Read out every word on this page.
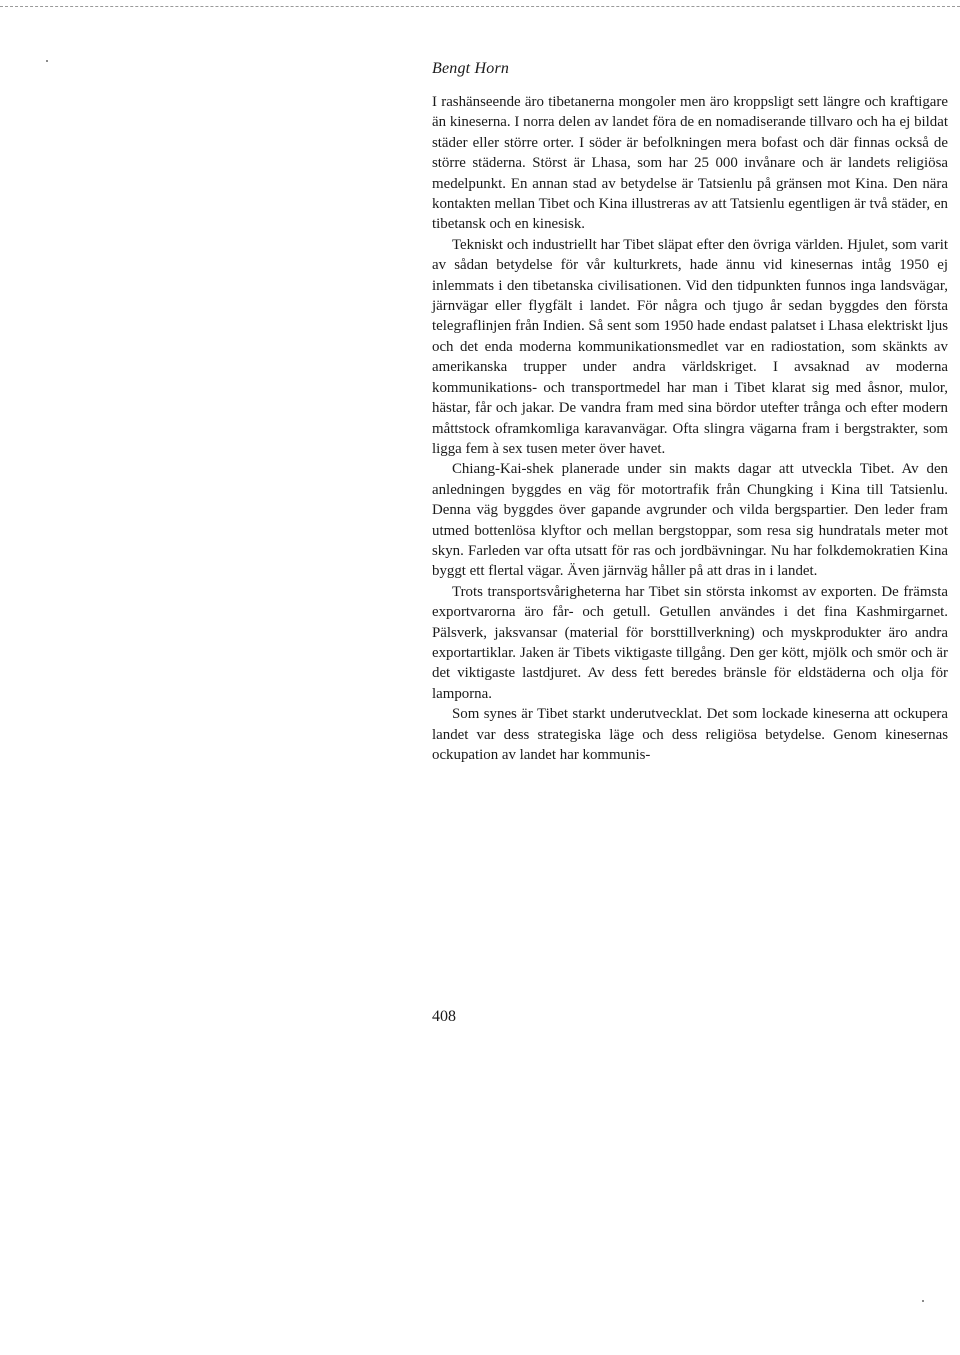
Bengt Horn

I rashänseende äro tibetanerna mongoler men äro kroppsligt sett längre och kraftigare än kineserna. I norra delen av landet föra de en nomadiserande tillvaro och ha ej bildat städer eller större orter. I söder är befolkningen mera bofast och där finnas också de större städerna. Störst är Lhasa, som har 25 000 invånare och är landets religiösa medelpunkt. En annan stad av betydelse är Tatsienlu på gränsen mot Kina. Den nära kontakten mellan Tibet och Kina illustreras av att Tatsienlu egentligen är två städer, en tibetansk och en kinesisk.

Tekniskt och industriellt har Tibet släpat efter den övriga världen. Hjulet, som varit av sådan betydelse för vår kulturkrets, hade ännu vid kinesernas intåg 1950 ej inlemmats i den tibetanska civilisationen. Vid den tidpunkten funnos inga landsvägar, järnvägar eller flygfält i landet. För några och tjugo år sedan byggdes den första telegraflinjen från Indien. Så sent som 1950 hade endast palatset i Lhasa elektriskt ljus och det enda moderna kommunikationsmedlet var en radiostation, som skänkts av amerikanska trupper under andra världskriget. I avsaknad av moderna kommunikations- och transportmedel har man i Tibet klarat sig med åsnor, mulor, hästar, får och jakar. De vandra fram med sina bördor utefter trånga och efter modern måttstock oframkomliga karavanvägar. Ofta slingra vägarna fram i bergstrakter, som ligga fem à sex tusen meter över havet.

Chiang-Kai-shek planerade under sin makts dagar att utveckla Tibet. Av den anledningen byggdes en väg för motortrafik från Chungking i Kina till Tatsienlu. Denna väg byggdes över gapande avgrunder och vilda bergspartier. Den leder fram utmed bottenlösa klyftor och mellan bergstoppar, som resa sig hundratals meter mot skyn. Farleden var ofta utsatt för ras och jordbävningar. Nu har folkdemokratien Kina byggt ett flertal vägar. Även järnväg håller på att dras in i landet.

Trots transportsvårigheterna har Tibet sin största inkomst av exporten. De främsta exportvarorna äro får- och getull. Getullen användes i det fina Kashmirgarnet. Pälsverk, jaksvansar (material för borsttillverkning) och myskprodukter äro andra exportartiklar. Jaken är Tibets viktigaste tillgång. Den ger kött, mjölk och smör och är det viktigaste lastdjuret. Av dess fett beredes bränsle för eldstäderna och olja för lamporna.

Som synes är Tibet starkt underutvecklat. Det som lockade kineserna att ockupera landet var dess strategiska läge och dess religiösa betydelse. Genom kinesernas ockupation av landet har kommunis-

408
